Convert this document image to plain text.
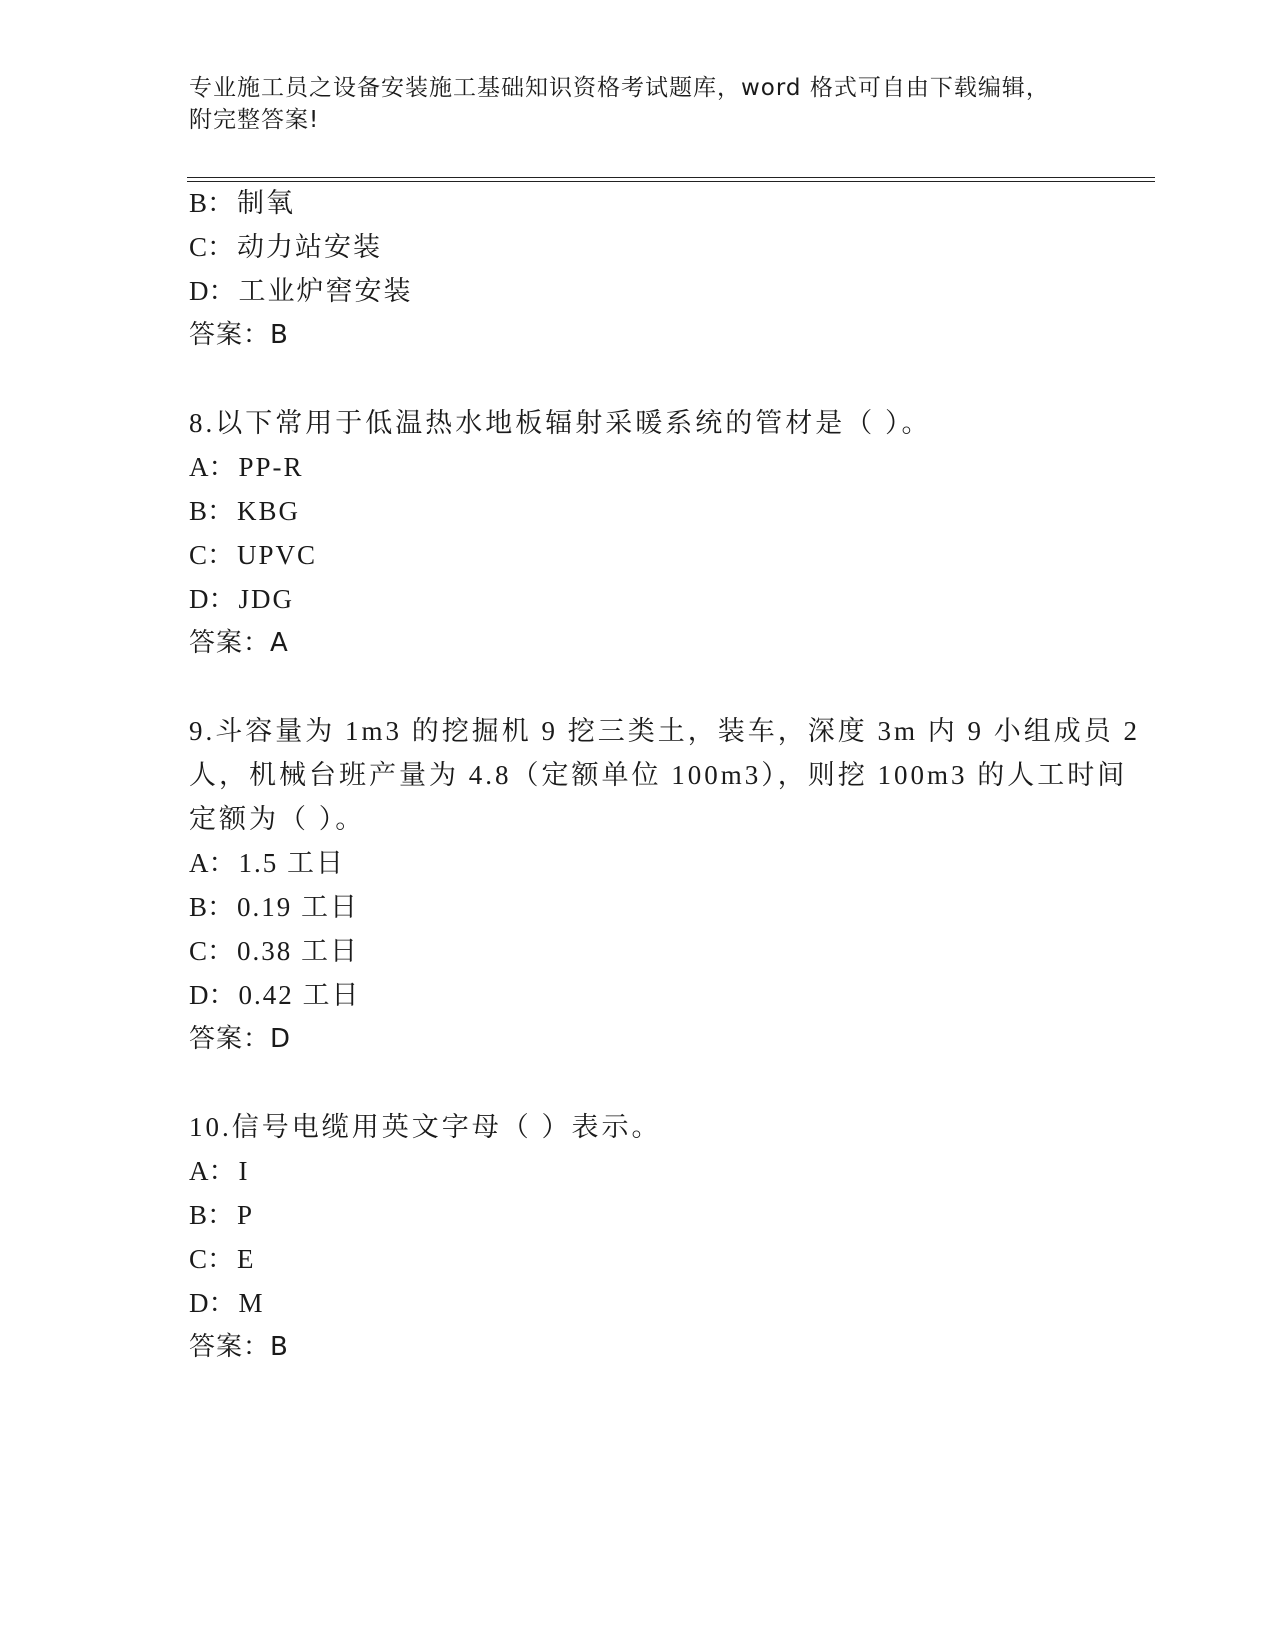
专业施工员之设备安装施工基础知识资格考试题库，word 格式可自由下载编辑，
附完整答案!
B：制氧
C：动力站安装
D：工业炉窖安装
答案：B
8.以下常用于低温热水地板辐射采暖系统的管材是（ ）。
A：PP-R
B：KBG
C：UPVC
D：JDG
答案：A
9.斗容量为 1m3 的挖掘机 9 挖三类土，装车，深度 3m 内 9 小组成员 2
人，机械台班产量为 4.8（定额单位 100m3），则挖 100m3 的人工时间
定额为（ ）。
A：1.5 工日
B：0.19 工日
C：0.38 工日
D：0.42 工日
答案：D
10.信号电缆用英文字母（ ）表示。
A：I
B：P
C：E
D：M
答案：B
